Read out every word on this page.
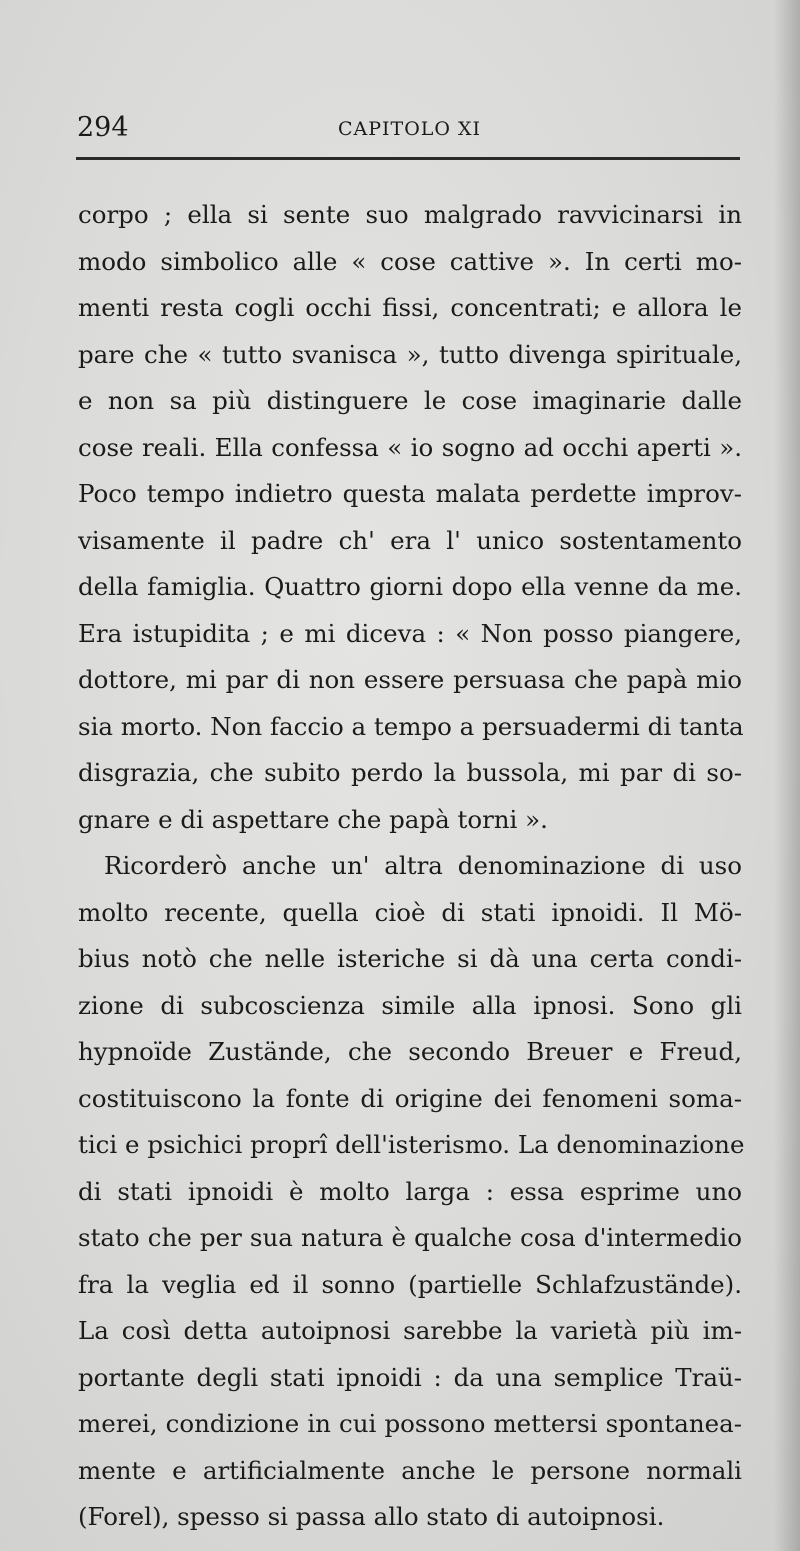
294	CAPITOLO XI

corpo ; ella si sente suo malgrado ravvicinarsi in

modo simbolico alle « cose cattive ». In certi mo-

menti resta cogli occhi fissi, concentrati; e allora le

pare che « tutto svanisca », tutto divenga spirituale,

e non sa più distinguere le cose imaginarie dalle

cose reali. Ella confessa « io sogno ad occhi aperti ».

Poco tempo indietro questa malata perdette improv-

visamente il padre ch' era l' unico sostentamento

della famiglia. Quattro giorni dopo ella venne da me.

Era istupidita ; e mi diceva : « Non posso piangere,

dottore, mi par di non essere persuasa che papà mio

sia morto. Non faccio a tempo a persuadermi di tanta

disgrazia, che subito perdo la bussola, mi par di so-

gnare e di aspettare che papà torni ».

Ricorderò anche un' altra denominazione di uso

molto recente, quella cioè di stati ipnoidi. Il Mö-

bius notò che nelle isteriche si dà una certa condi-

zione di subcoscienza simile alla ipnosi. Sono gli

hypnoïde Zustände, che secondo Breuer e Freud,

costituiscono la fonte di origine dei fenomeni soma-

tici e psichici proprî dell'isterismo. La denominazione

di stati ipnoidi è molto larga : essa esprime uno

stato che per sua natura è qualche cosa d'intermedio

fra la veglia ed il sonno (partielle Schlafzustände).

La così detta autoipnosi sarebbe la varietà più im-

portante degli stati ipnoidi : da una semplice Traü-

merei, condizione in cui possono mettersi spontanea-

mente e artificialmente anche le persone normali

(Forel), spesso si passa allo stato di autoipnosi.
